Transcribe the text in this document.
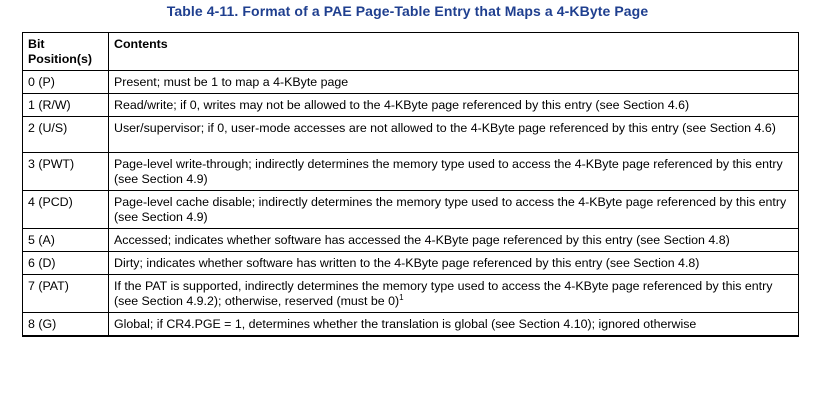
Table 4-11. Format of a PAE Page-Table Entry that Maps a 4-KByte Page
Bit
Position(s)	Contents
0 (P)	Present; must be 1 to map a 4-KByte page
1 (R/W)	Read/write; if 0, writes may not be allowed to the 4-KByte page referenced by this entry (see Section 4.6)
2 (U/S)	User/supervisor; if 0, user-mode accesses are not allowed to the 4-KByte page referenced by this entry (see Section 4.6)
3 (PWT)	Page-level write-through; indirectly determines the memory type used to access the 4-KByte page referenced by this entry (see Section 4.9)
4 (PCD)	Page-level cache disable; indirectly determines the memory type used to access the 4-KByte page referenced by this entry (see Section 4.9)
5 (A)	Accessed; indicates whether software has accessed the 4-KByte page referenced by this entry (see Section 4.8)
6 (D)	Dirty; indicates whether software has written to the 4-KByte page referenced by this entry (see Section 4.8)
7 (PAT)	If the PAT is supported, indirectly determines the memory type used to access the 4-KByte page referenced by this entry (see Section 4.9.2); otherwise, reserved (must be 0)$^1$
8 (G)	Global; if CR4.PGE = 1, determines whether the translation is global (see Section 4.10); ignored otherwise
